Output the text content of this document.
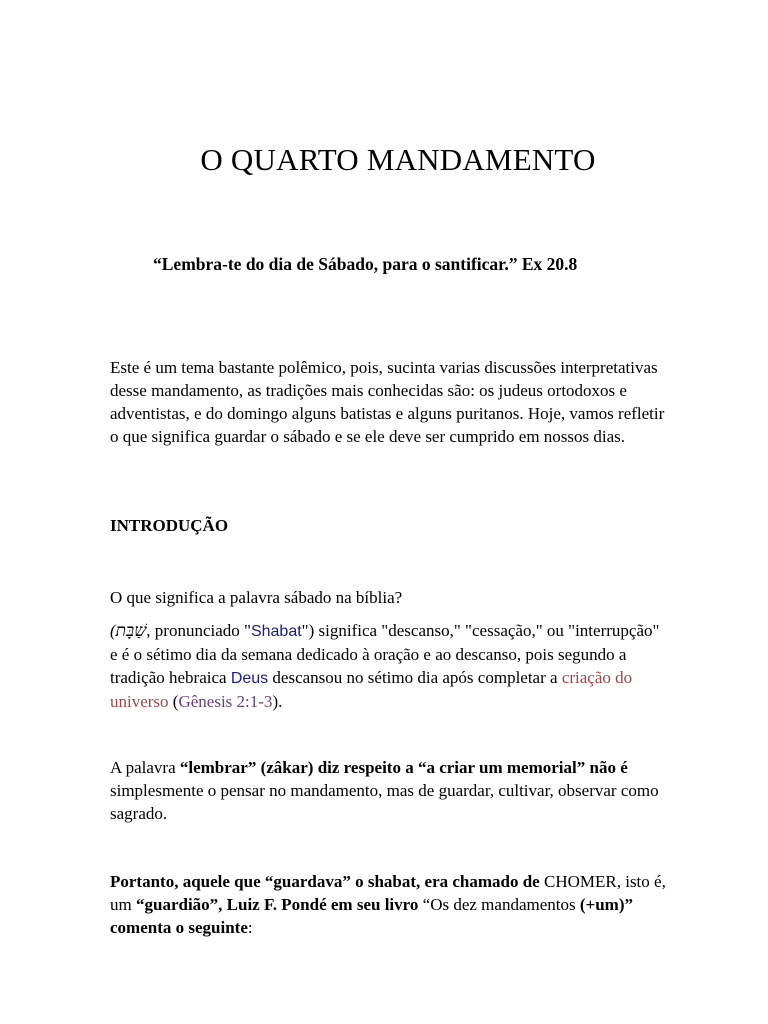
O QUARTO MANDAMENTO
“Lembra-te do dia de Sábado, para o santificar.” Ex 20.8
Este é um tema bastante polêmico, pois, sucinta varias discussões interpretativas desse mandamento, as tradições mais conhecidas são: os judeus ortodoxos e adventistas, e do domingo alguns batistas e alguns puritanos. Hoje, vamos refletir o que significa guardar o sábado e se ele deve ser cumprido em nossos dias.
INTRODUÇÃO
O que significa a palavra sábado na bíblia?
(שַׁבָּת, pronunciado "Shabat") significa "descanso," "cessação," ou "interrupção" e é o sétimo dia da semana dedicado à oração e ao descanso, pois segundo a tradição hebraica Deus descansou no sétimo dia após completar a criação do universo (Gênesis 2:1-3).
A palavra “lembrar” (zâkar) diz respeito a “a criar um memorial” não é simplesmente o pensar no mandamento, mas de guardar, cultivar, observar como sagrado.
Portanto, aquele que “guardava” o shabat, era chamado de CHOMER, isto é, um “guardião”, Luiz F. Pondé em seu livro “Os dez mandamentos (+um)” comenta o seguinte:
